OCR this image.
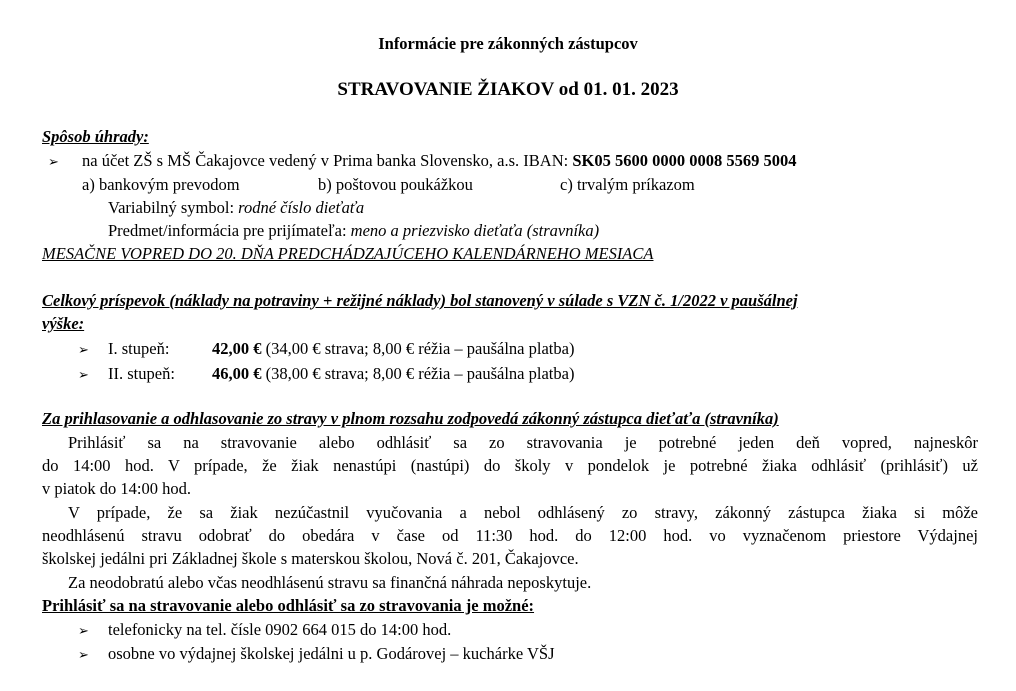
Informácie pre zákonných zástupcov
STRAVOVANIE ŽIAKOV od 01. 01. 2023
Spôsob úhrady:
➢ na účet ZŠ s MŠ Čakajovce vedený v Prima banka Slovensko, a.s. IBAN: SK05 5600 0000 0008 5569 5004
a) bankovým prevodom	b) poštovou poukážkou	c) trvalým príkazom
Variabilný symbol: rodné číslo dieťaťa
Predmet/informácia pre prijímateľa: meno a priezvisko dieťaťa (stravníka)
MESAČNE VOPRED DO 20. DŇA PREDCHÁDZAJÚCEHO KALENDÁRNEHO MESIACA
Celkový príspevok (náklady na potraviny + režijné náklady) bol stanovený v súlade s VZN č. 1/2022 v paušálnej
výške:
➢ I. stupeň:	42,00 € (34,00 € strava; 8,00 € réžia – paušálna platba)
➢ II. stupeň: 46,00 € (38,00 € strava; 8,00 € réžia – paušálna platba)
Za prihlasovanie a odhlasovanie zo stravy v plnom rozsahu zodpovedá zákonný zástupca dieťaťa (stravníka)
Prihlásiť sa na stravovanie alebo odhlásiť sa zo stravovania je potrebné jeden deň vopred, najneskôr
do 14:00 hod. V prípade, že žiak nenastúpi (nastúpi) do školy v pondelok je potrebné žiaka odhlásiť (prihlásiť) už
v piatok do 14:00 hod.
V prípade, že sa žiak nezúčastnil vyučovania a nebol odhlásený zo stravy, zákonný zástupca žiaka si môže
neodhlásenú stravu odobrať do obedára v čase od 11:30 hod. do 12:00 hod. vo vyznačenom priestore Výdajnej
školskej jedálni pri Základnej škole s materskou školou, Nová č. 201, Čakajovce.
Za neodobratú alebo včas neodhlásenú stravu sa finančná náhrada neposkytuje.
Prihlásiť sa na stravovanie alebo odhlásiť sa zo stravovania je možné:
➢ telefonicky na tel. čísle 0902 664 015 do 14:00 hod.
➢ osobne vo výdajnej školskej jedálni u p. Godárovej – kuchárke VŠJ
